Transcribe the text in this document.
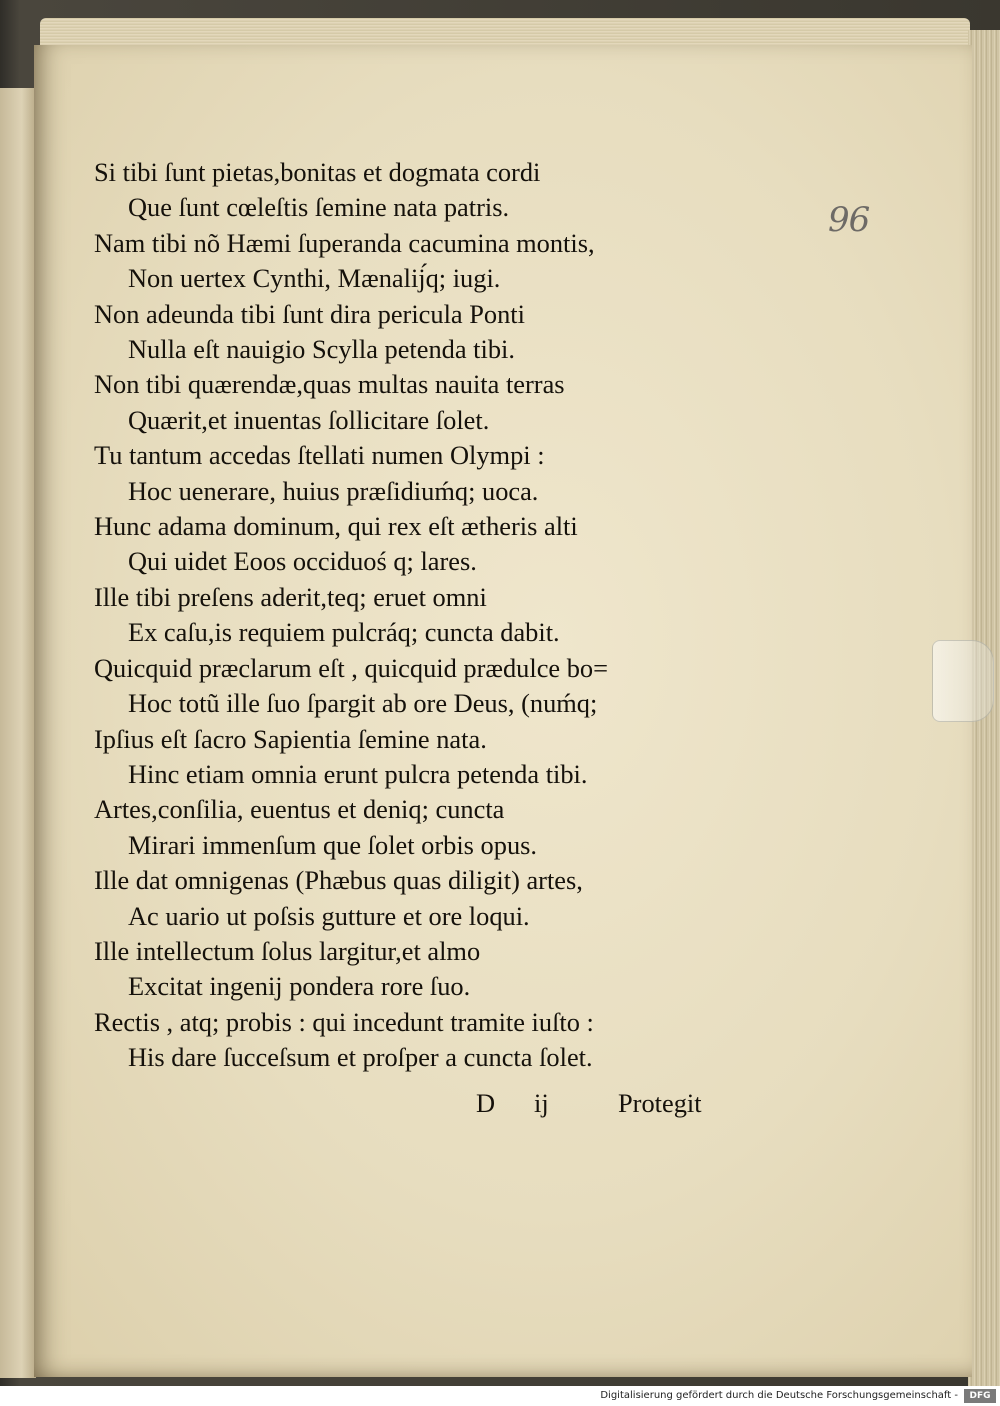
96
Si tibi ſunt pietas,bonitas et dogmata cordi
Que ſunt cœleſtis ſemine nata patris.
Nam tibi nõ Hæmi ſuperanda cacumina montis,
Non uertex Cynthi, Mænalij́q; iugi.
Non adeunda tibi ſunt dira pericula Ponti
Nulla eſt nauigio Scylla petenda tibi.
Non tibi quærendæ,quas multas nauita terras
Quærit,et inuentas ſollicitare ſolet.
Tu tantum accedas ſtellati numen Olympi :
Hoc uenerare, huius præſidiuḿq; uoca.
Hunc adama dominum, qui rex eſt ætheris alti
Qui uidet Eoos occiduoś q; lares.
Ille tibi preſens aderit,teq; eruet omni
Ex caſu,is requiem pulcráq; cuncta dabit.
Quicquid præclarum eſt , quicquid prædulce bo=
Hoc totũ ille ſuo ſpargit ab ore Deus, (nuḿq;
Ipſius eſt ſacro Sapientia ſemine nata.
Hinc etiam omnia erunt pulcra petenda tibi.
Artes,conſilia, euentus et deniq; cuncta
Mirari immenſum que ſolet orbis opus.
Ille dat omnigenas (Phæbus quas diligit) artes,
Ac uario ut poſsis gutture et ore loqui.
Ille intellectum ſolus largitur,et almo
Excitat ingenij pondera rore ſuo.
Rectis , atq; probis : qui incedunt tramite iuſto :
His dare ſucceſsum et proſper a cuncta ſolet.
D ij	Protegit
Digitalisierung gefördert durch die Deutsche Forschungsgemeinschaft -	DFG
